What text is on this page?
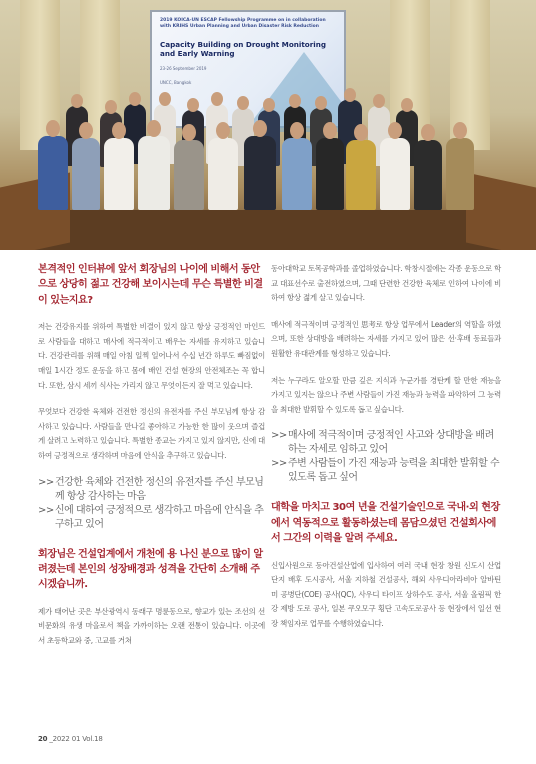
2019 KOICA-UN ESCAP Fellowship Programme on in collaboration
with KRIHS Urban Planning and Urban Disaster Risk Reduction
Capacity Building on Drought Monitoring and Early Warning
23-26 September 2019
UNCC, Bangkok
본격적인 인터뷰에 앞서 회장님의 나이에 비해서 동안으로 상당히 젊고 건강해 보이시는데 무슨 특별한 비결이 있는지요?
저는 건강유지를 위하여 특별한 비결이 있지 않고 항상 긍정적인 마인드로 사람들을 대하고 매사에 적극적이고 배우는 자세를 유지하고 있습니다. 건강관리를 위해 매일 아침 일찍 일어나서 수십 년간 하루도 빠짐없이 매일 1시간 정도 운동을 하고 몸에 배인 건설 현장의 안전체조는 꼭 합니다. 또한, 삼시 세끼 식사는 가리지 않고 무엇이든지 잘 먹고 있습니다.
무엇보다 건강한 육체와 건전한 정신의 유전자를 주신 부모님께 항상 감사하고 있습니다. 사람들을 만나길 좋아하고 가능한 한 많이 웃으며 즐겁게 살려고 노력하고 있습니다. 특별한 종교는 가지고 있지 않지만, 신에 대하여 긍정적으로 생각하며 마음에 안식을 추구하고 있습니다.
>> 건강한 육체와 건전한 정신의 유전자를 주신 부모님께 항상 감사하는 마음
>> 신에 대하여 긍정적으로 생각하고 마음에 안식을 추구하고 있어
회장님은 건설업계에서 개천에 용 나신 분으로 많이 알려졌는데 본인의 성장배경과 성격을 간단히 소개해 주시겠습니까.
제가 태어난 곳은 부산광역시 동래구 명륜동으로, 향교가 있는 조선의 선비문화의 유생 마을로서 책을 가까이하는 오랜 전통이 있습니다. 이곳에서 초등학교와 중, 고교를 거쳐
동아대학교 토목공학과를 졸업하였습니다. 학창시절에는 각종 운동으로 학교 대표선수로 출전하였으며, 그때 단련한 건강한 육체로 인하여 나이에 비하여 항상 젊게 살고 있습니다.
매사에 적극적이며 긍정적인 思考로 항상 업무에서 Leader의 역할을 하였으며, 또한 상대방을 배려하는 자세를 가지고 있어 많은 선·후배 동료들과 원활한 유대관계를 형성하고 있습니다.
저는 누구라도 알오할 만큼 깊은 지식과 누군가를 경탄케 할 만한 재능을 가지고 있지는 않으나 주변 사람들이 가진 재능과 능력을 파악하여 그 능력을 최대한 발휘할 수 있도록 돕고 싶습니다.
>> 매사에 적극적이며 긍정적인 사고와 상대방을 배려하는 자세로 임하고 있어
>> 주변 사람들이 가진 재능과 능력을 최대한 발휘할 수 있도록 돕고 싶어
대학을 마치고 30여 년을 건설기술인으로 국내·외 현장에서 역동적으로 활동하셨는데 몸담으셨던 건설회사에서 그간의 이력을 알려 주세요.
신입사원으로 동아건설산업에 입사하여 여러 국내 현장 창원 신도시 산업단지 배후 도시공사, 서울 지하철 건설공사, 해외 사우디아라비아 알바틴 미 공병단(COE) 공사(QC), 사우디 타이프 상하수도 공사, 서울 올림픽 한강 제방 도로 공사, 일본 쿠오모구 횡단 고속도로공사 등 현장에서 일선 현장 책임자로 업무를 수행하였습니다.
20 _2022 01 Vol.18
